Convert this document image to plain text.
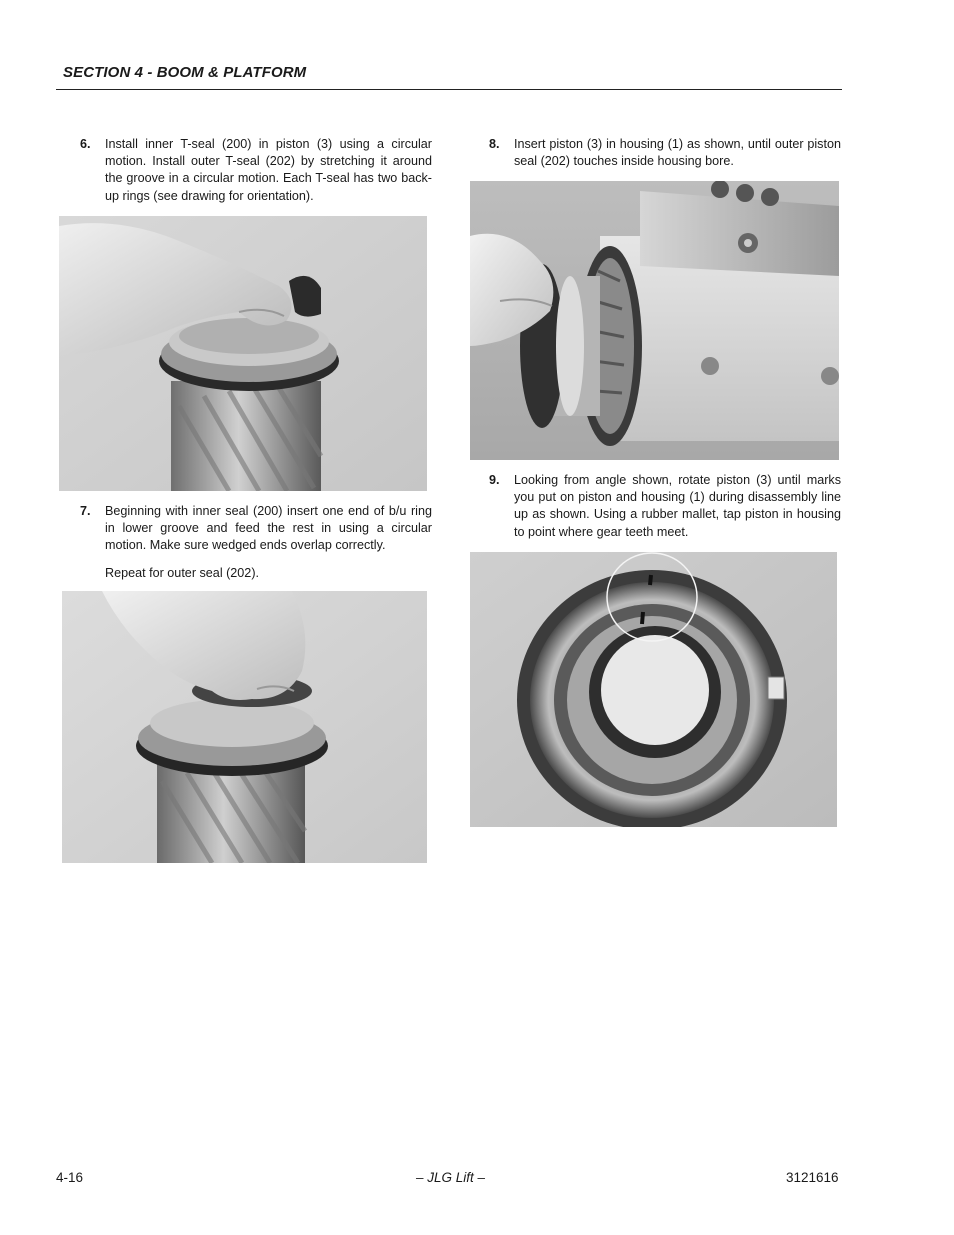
SECTION 4 - BOOM & PLATFORM
6. Install inner T-seal (200) in piston (3) using a circular motion. Install outer T-seal (202) by stretching it around the groove in a circular motion. Each T-seal has two back-up rings (see drawing for orientation).
7. Beginning with inner seal (200) insert one end of b/u ring in lower groove and feed the rest in using a circular motion. Make sure wedged ends overlap correctly.
Repeat for outer seal (202).
8. Insert piston (3) in housing (1) as shown, until outer piston seal (202) touches inside housing bore.
9. Looking from angle shown, rotate piston (3) until marks you put on piston and housing (1) during disassembly line up as shown. Using a rubber mallet, tap piston in housing to point where gear teeth meet.
4-16	– JLG Lift –	3121616
